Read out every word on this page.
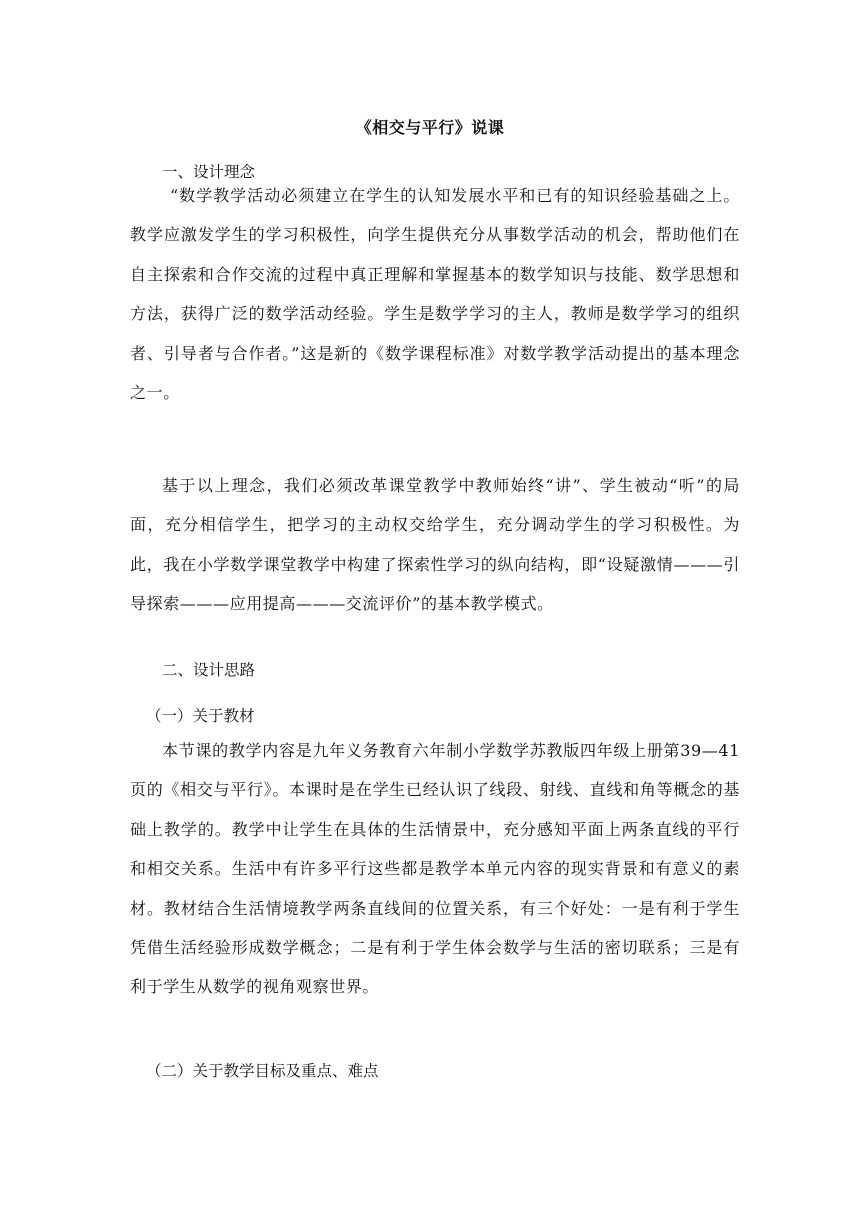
《相交与平行》说课
一、设计理念
“数学教学活动必须建立在学生的认知发展水平和已有的知识经验基础之上。教学应激发学生的学习积极性，向学生提供充分从事数学活动的机会，帮助他们在自主探索和合作交流的过程中真正理解和掌握基本的数学知识与技能、数学思想和方法，获得广泛的数学活动经验。学生是数学学习的主人，教师是数学学习的组织者、引导者与合作者。”这是新的《数学课程标准》对数学教学活动提出的基本理念之一。
基于以上理念，我们必须改革课堂教学中教师始终“讲”、学生被动“听”的局面，充分相信学生，把学习的主动权交给学生，充分调动学生的学习积极性。为此，我在小学数学课堂教学中构建了探索性学习的纵向结构，即“设疑激情———引导探索———应用提高———交流评价”的基本教学模式。
二、设计思路
（一）关于教材
本节课的教学内容是九年义务教育六年制小学数学苏教版四年级上册第39—41页的《相交与平行》。本课时是在学生已经认识了线段、射线、直线和角等概念的基础上教学的。教学中让学生在具体的生活情景中，充分感知平面上两条直线的平行和相交关系。生活中有许多平行这些都是教学本单元内容的现实背景和有意义的素材。教材结合生活情境教学两条直线间的位置关系，有三个好处：一是有利于学生凭借生活经验形成数学概念；二是有利于学生体会数学与生活的密切联系；三是有利于学生从数学的视角观察世界。
（二）关于教学目标及重点、难点
